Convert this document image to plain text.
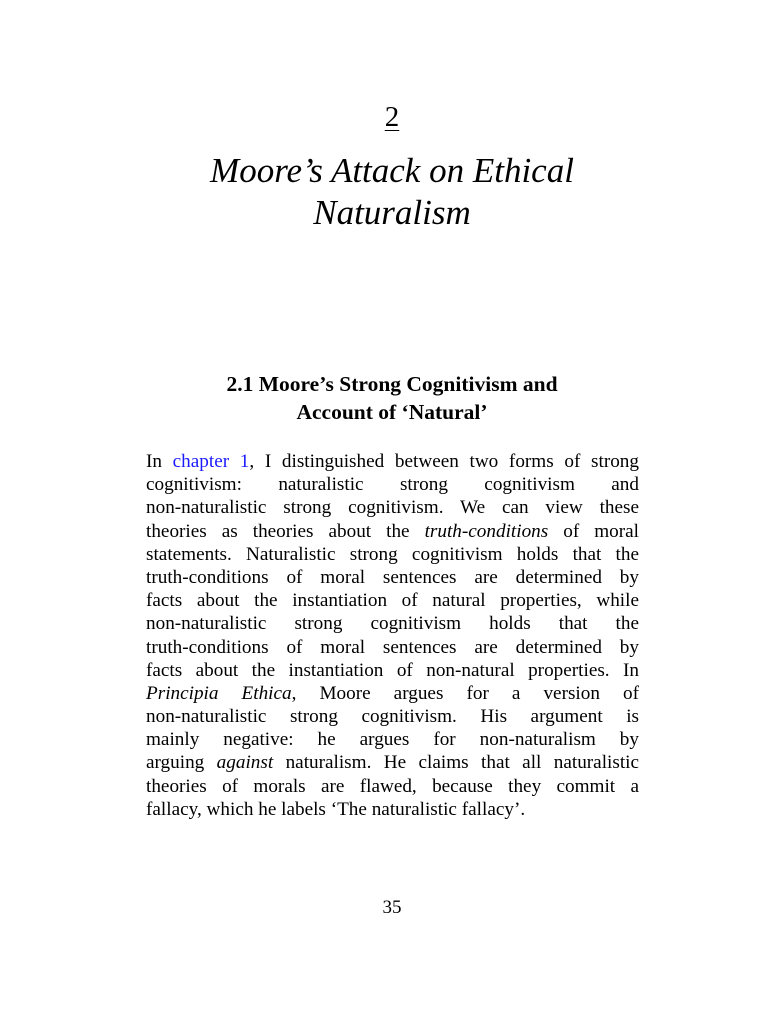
2
Moore’s Attack on Ethical
Naturalism
2.1 Moore’s Strong Cognitivism and
Account of ‘Natural’
In chapter 1, I distinguished between two forms of strong
cognitivism: naturalistic strong cognitivism and
non-naturalistic strong cognitivism. We can view these
theories as theories about the truth-conditions of moral
statements. Naturalistic strong cognitivism holds that the
truth-conditions of moral sentences are determined by
facts about the instantiation of natural properties, while
non-naturalistic strong cognitivism holds that the
truth-conditions of moral sentences are determined by
facts about the instantiation of non-natural properties. In
Principia Ethica, Moore argues for a version of
non-naturalistic strong cognitivism. His argument is
mainly negative: he argues for non-naturalism by
arguing against naturalism. He claims that all naturalistic
theories of morals are flawed, because they commit a
fallacy, which he labels ‘The naturalistic fallacy’.
35
